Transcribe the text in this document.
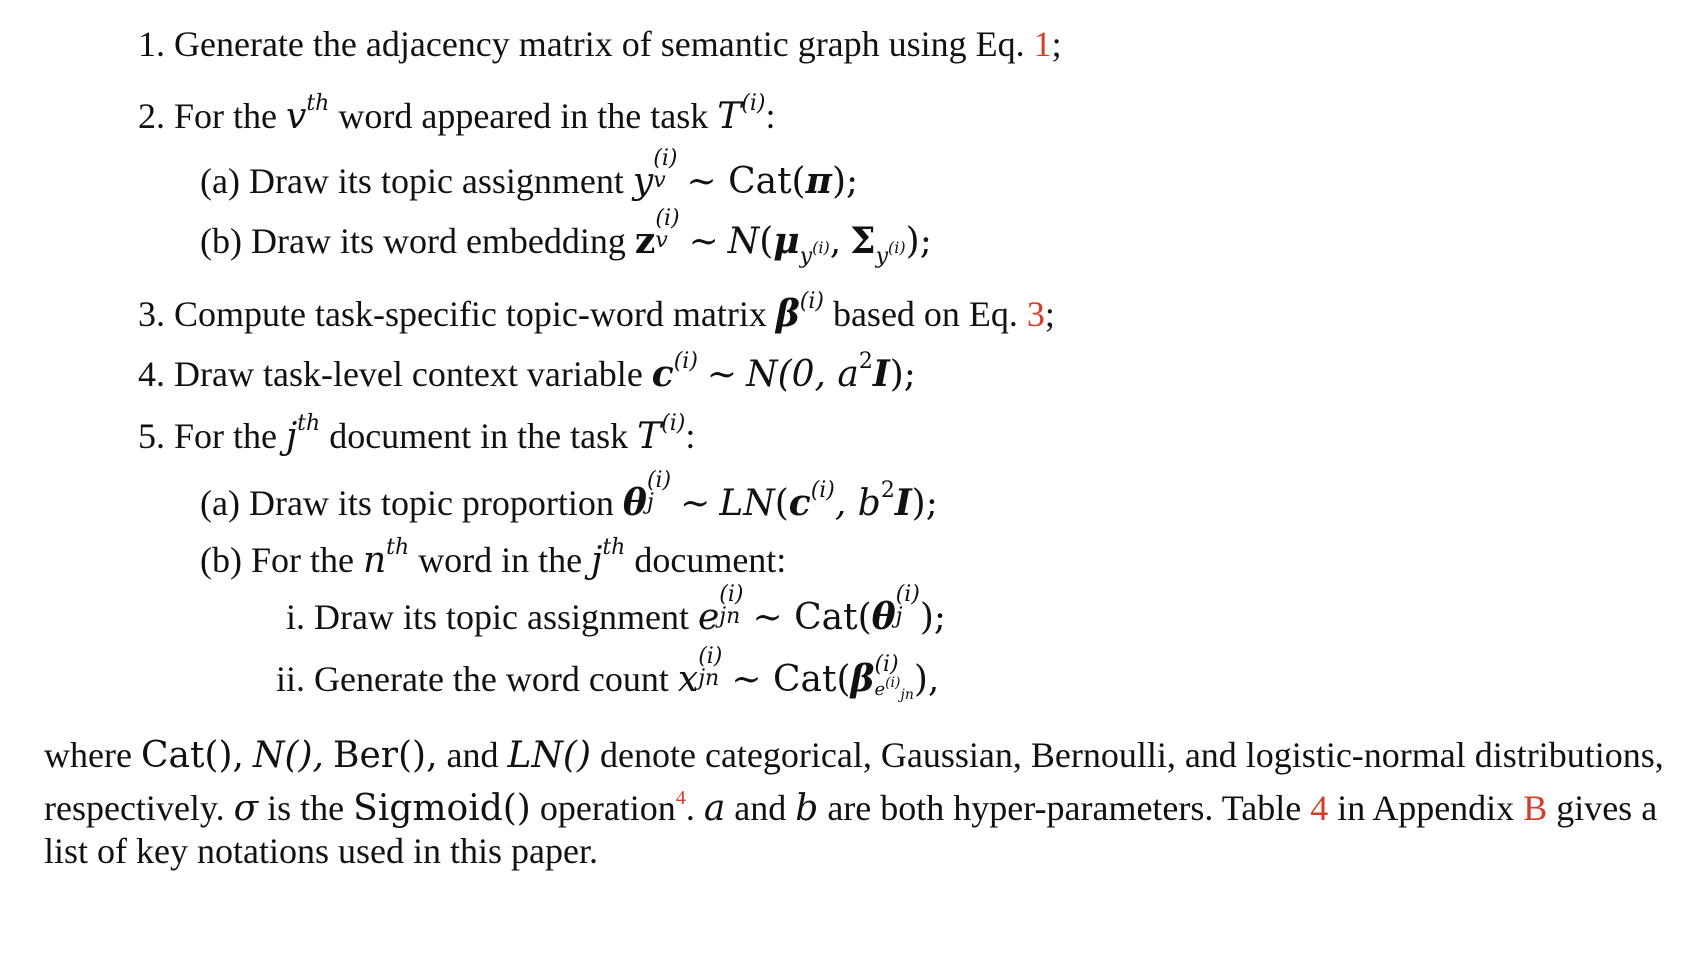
1. Generate the adjacency matrix of semantic graph using Eq. 1;
2. For the $v^{th}$ word appeared in the task $T^{(i)}$:
(a) Draw its topic assignment y
(i)
v ∼ Cat(π);
(b) Draw its word embedding z
(i)
v ∼ $N(\mu_{y^{(i)}}$, $\Sigma_{y^{(i)}}$);
3. Compute task-specific topic-word matrix $\beta^{(i)}$ based on Eq. 3;
4. Draw task-level context variable $c^{(i)}$ ∼ N(0, $a^2I$);
5. For the $j^{th}$ document in the task $T^{(i)}$:
(a) Draw its topic proportion θ
(i)
j ∼ $LN(c^{(i)}$, $b^2I$);
(b) For the $n^{th}$ word in the $j^{th}$ document:
i. Draw its topic assignment e
(i)
jn ∼ Cat(θ
(i)
j );
ii. Generate the word count x
(i)
jn ∼ Cat(β (i)
$e^{(i)}_{jn}$ ),
where Cat(), N(), Ber(), and LN() denote categorical, Gaussian, Bernoulli, and logistic-normal distributions, respectively. σ is the Sigmoid() operation$^4$. a and b are both hyper-parameters. Table 4 in Appendix B gives a list of key notations used in this paper.
